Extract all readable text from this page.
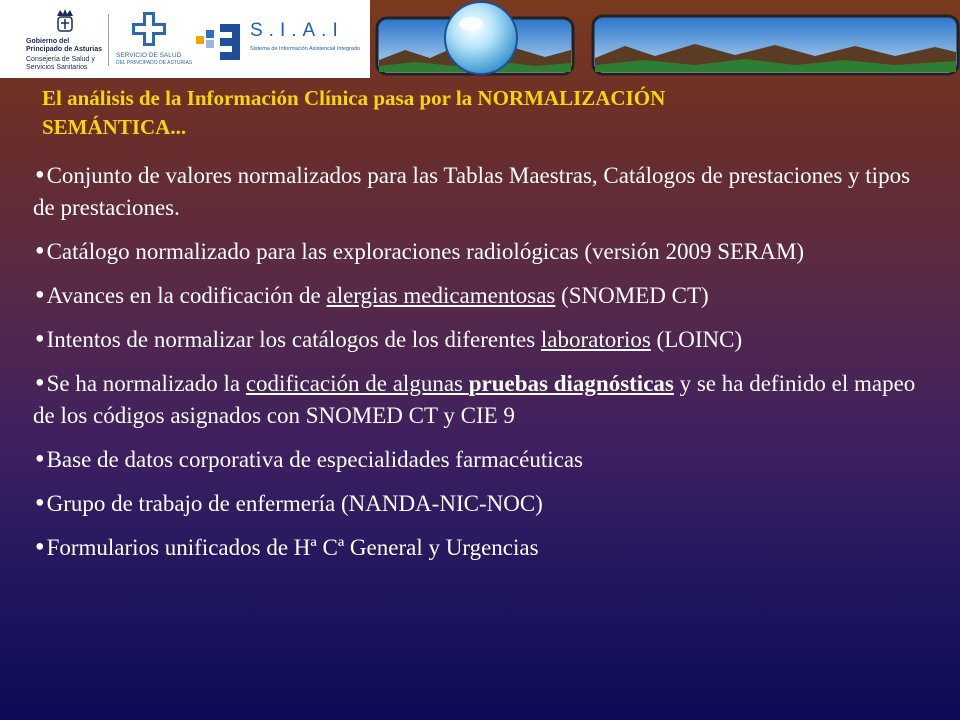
Gobierno del Principado de Asturias
Consejería de Salud y Servicios Sanitarios
SERVICIO DE SALUD
DEL PRINCIPADO DE ASTURIAS
S.I.A.I
Sistema de Información Asistencial Integrado
El análisis de la Información Clínica pasa por la NORMALIZACIÓN
SEMÁNTICA...
•Conjunto de valores normalizados para las Tablas Maestras, Catálogos de prestaciones y tipos de prestaciones.
•Catálogo normalizado para las exploraciones radiológicas (versión 2009 SERAM)
•Avances en la codificación de alergias medicamentosas (SNOMED CT)
•Intentos de normalizar los catálogos de los diferentes laboratorios (LOINC)
•Se ha normalizado la codificación de algunas pruebas diagnósticas y se ha definido el mapeo de los códigos asignados con SNOMED CT y CIE 9
•Base de datos corporativa de especialidades farmacéuticas
•Grupo de trabajo de enfermería (NANDA-NIC-NOC)
•Formularios unificados de Hª Cª General y Urgencias
